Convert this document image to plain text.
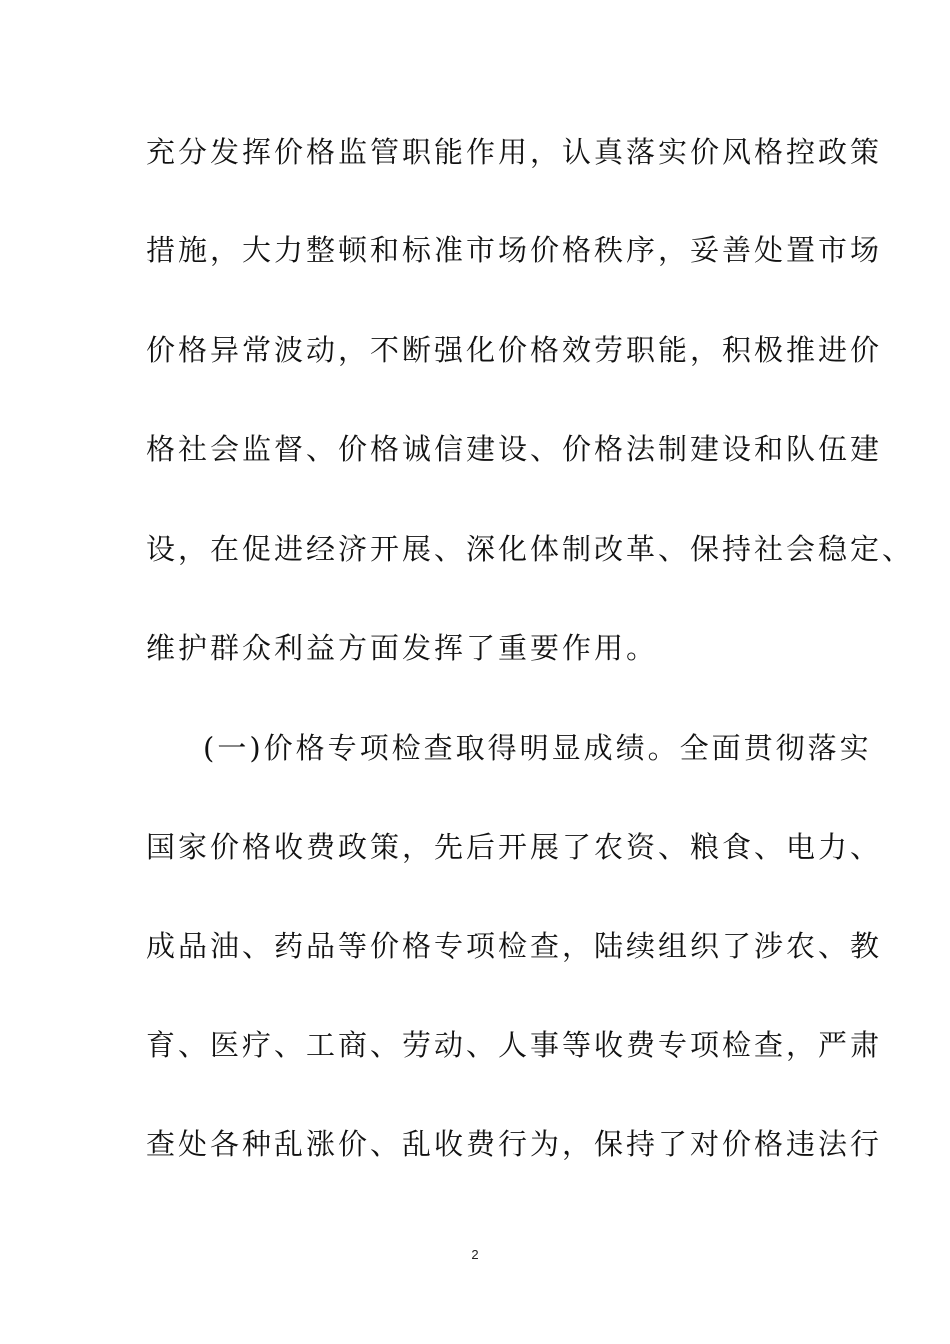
充分发挥价格监管职能作用，认真落实价风格控政策
措施，大力整顿和标准市场价格秩序，妥善处置市场
价格异常波动，不断强化价格效劳职能，积极推进价
格社会监督、价格诚信建设、价格法制建设和队伍建
设，在促进经济开展、深化体制改革、保持社会稳定、
维护群众利益方面发挥了重要作用。
(一)价格专项检查取得明显成绩。全面贯彻落实
国家价格收费政策，先后开展了农资、粮食、电力、
成品油、药品等价格专项检查，陆续组织了涉农、教
育、医疗、工商、劳动、人事等收费专项检查，严肃
查处各种乱涨价、乱收费行为，保持了对价格违法行
2
